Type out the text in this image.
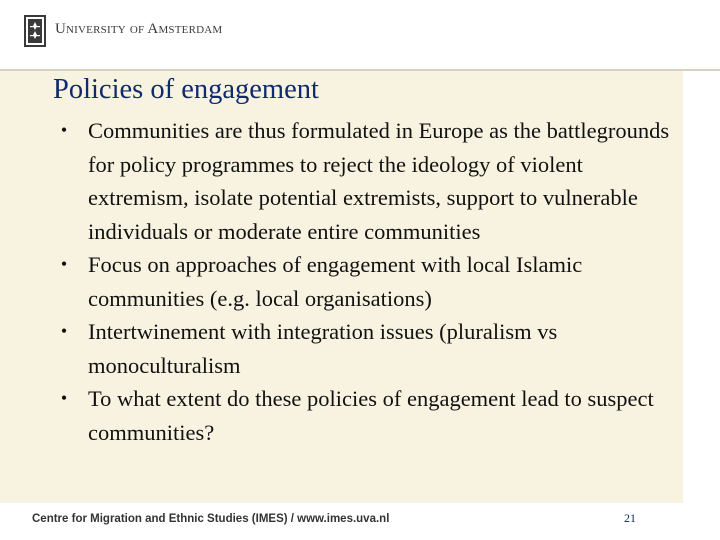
University of Amsterdam
Policies of engagement
• Communities are thus formulated in Europe as the battlegrounds for policy programmes to reject the ideology of violent extremism, isolate potential extremists, support to vulnerable individuals or moderate entire communities
• Focus on approaches of engagement with local Islamic communities (e.g. local organisations)
• Intertwinement with integration issues (pluralism vs monoculturalism
• To what extent do these policies of engagement lead to suspect communities?
Centre for Migration and Ethnic Studies (IMES) / www.imes.uva.nl	21
